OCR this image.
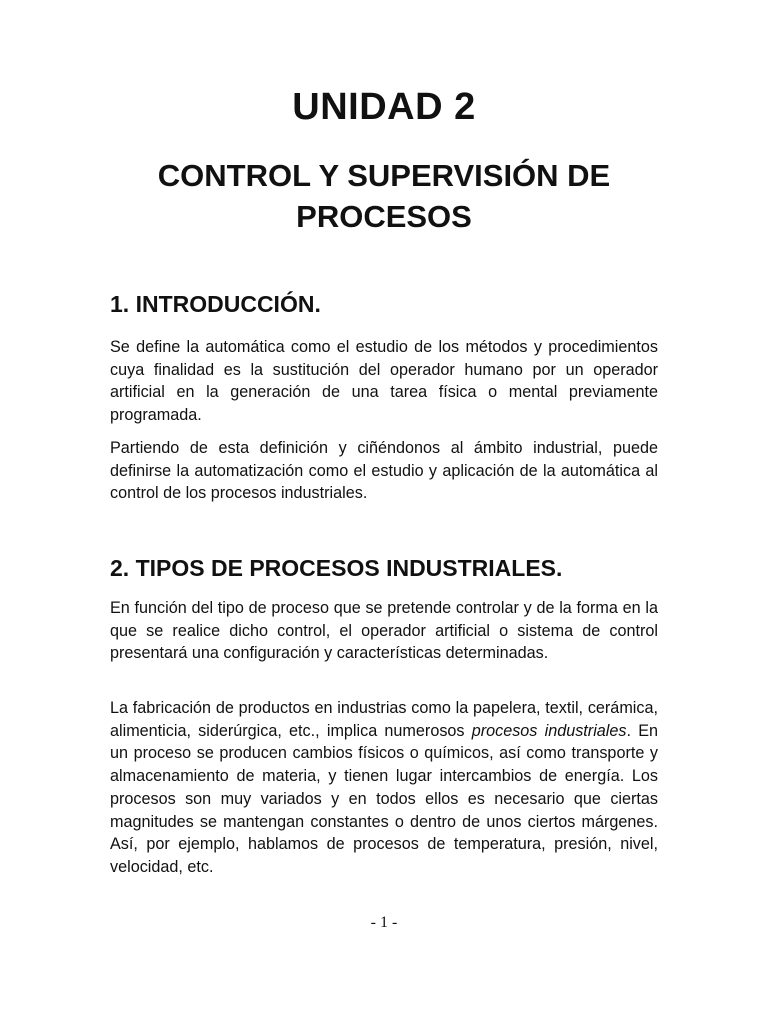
UNIDAD 2
CONTROL Y SUPERVISIÓN DE PROCESOS
1. INTRODUCCIÓN.

Se define la automática como el estudio de los métodos y procedimientos cuya finalidad es la sustitución del operador humano por un operador artificial en la generación de una tarea física o mental previamente programada.

Partiendo de esta definición y ciñéndonos al ámbito industrial, puede definirse la automatización como el estudio y aplicación de la automática al control de los procesos industriales.

2. TIPOS DE PROCESOS INDUSTRIALES.

En función del tipo de proceso que se pretende controlar y de la forma en la que se realice dicho control, el operador artificial o sistema de control presentará una configuración y características determinadas.

La fabricación de productos en industrias como la papelera, textil, cerámica, alimenticia, siderúrgica, etc., implica numerosos procesos industriales. En un proceso se producen cambios físicos o químicos, así como transporte y almacenamiento de materia, y tienen lugar intercambios de energía. Los procesos son muy variados y en todos ellos es necesario que ciertas magnitudes se mantengan constantes o dentro de unos ciertos márgenes. Así, por ejemplo, hablamos de procesos de temperatura, presión, nivel, velocidad, etc.

- 1 -
